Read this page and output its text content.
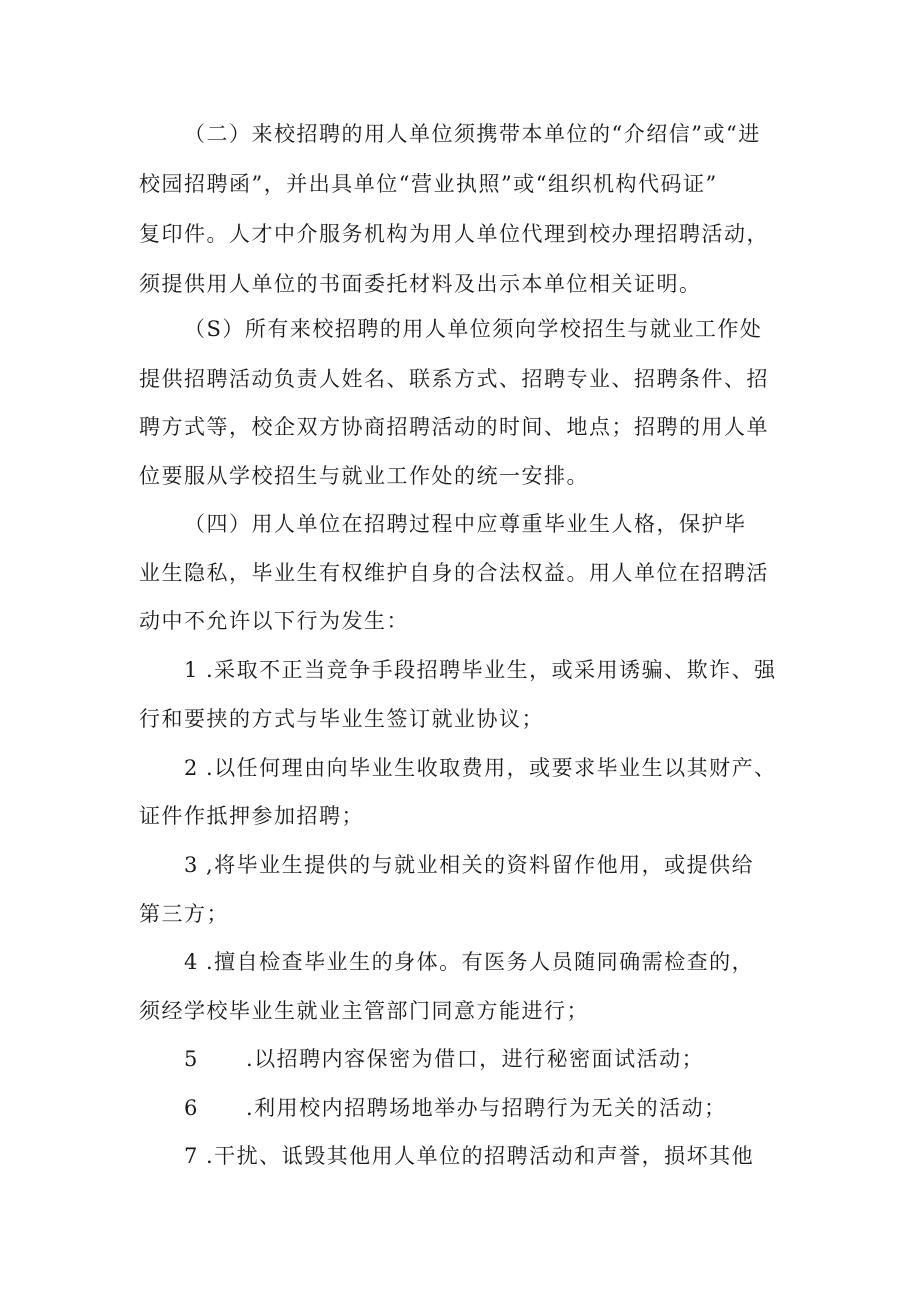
（二）来校招聘的用人单位须携带本单位的“介绍信”或“进
校园招聘函”，并出具单位“营业执照”或“组织机构代码证”
复印件。人才中介服务机构为用人单位代理到校办理招聘活动，
须提供用人单位的书面委托材料及出示本单位相关证明。
（S）所有来校招聘的用人单位须向学校招生与就业工作处
提供招聘活动负责人姓名、联系方式、招聘专业、招聘条件、招
聘方式等，校企双方协商招聘活动的时间、地点；招聘的用人单
位要服从学校招生与就业工作处的统一安排。
（四）用人单位在招聘过程中应尊重毕业生人格，保护毕
业生隐私，毕业生有权维护自身的合法权益。用人单位在招聘活
动中不允许以下行为发生：
1 .采取不正当竞争手段招聘毕业生，或采用诱骗、欺诈、强
行和要挟的方式与毕业生签订就业协议；
2 .以任何理由向毕业生收取费用，或要求毕业生以其财产、
证件作抵押参加招聘；
3 ,将毕业生提供的与就业相关的资料留作他用，或提供给
第三方；
4 .擅自检查毕业生的身体。有医务人员随同确需检查的，
须经学校毕业生就业主管部门同意方能进行；
5 .以招聘内容保密为借口，进行秘密面试活动；
6 .利用校内招聘场地举办与招聘行为无关的活动；
7 .干扰、诋毁其他用人单位的招聘活动和声誉，损坏其他
